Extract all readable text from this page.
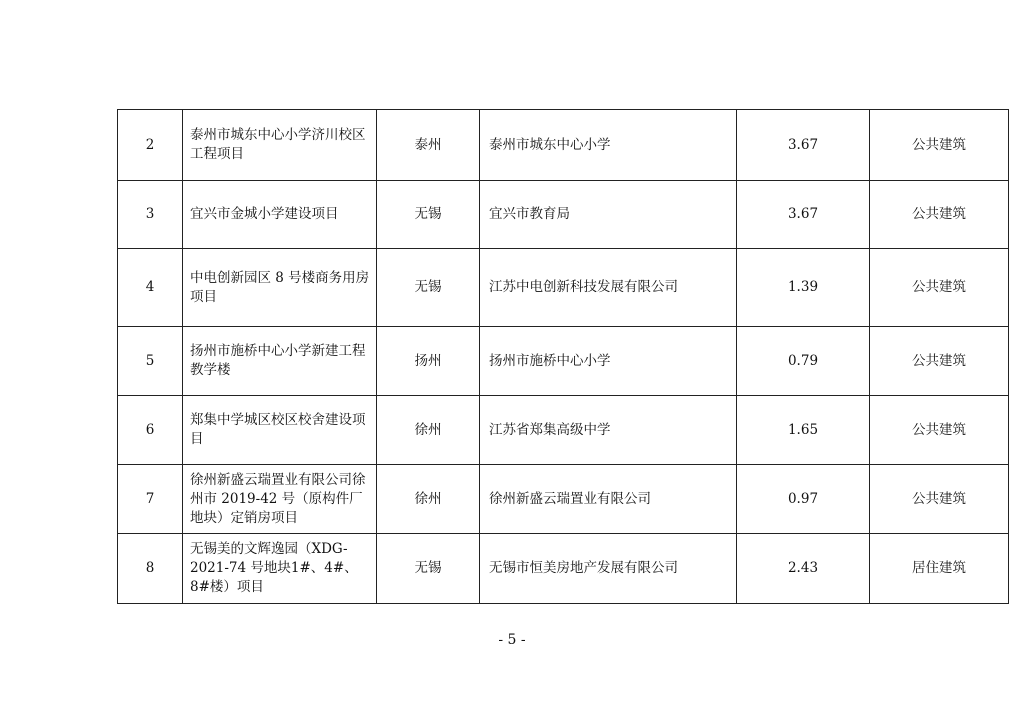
2	泰州市城东中心小学济川校区工程项目	泰州	泰州市城东中心小学	3.67	公共建筑
3	宜兴市金城小学建设项目	无锡	宜兴市教育局	3.67	公共建筑
4	中电创新园区 8 号楼商务用房项目	无锡	江苏中电创新科技发展有限公司	1.39	公共建筑
5	扬州市施桥中心小学新建工程教学楼	扬州	扬州市施桥中心小学	0.79	公共建筑
6	郑集中学城区校区校舍建设项目	徐州	江苏省郑集高级中学	1.65	公共建筑
7	徐州新盛云瑞置业有限公司徐州市 2019-42 号（原构件厂地块）定销房项目	徐州	徐州新盛云瑞置业有限公司	0.97	公共建筑
8	无锡美的文辉逸园（XDG-2021-74 号地块1#、4#、8#楼）项目	无锡	无锡市恒美房地产发展有限公司	2.43	居住建筑
- 5 -
